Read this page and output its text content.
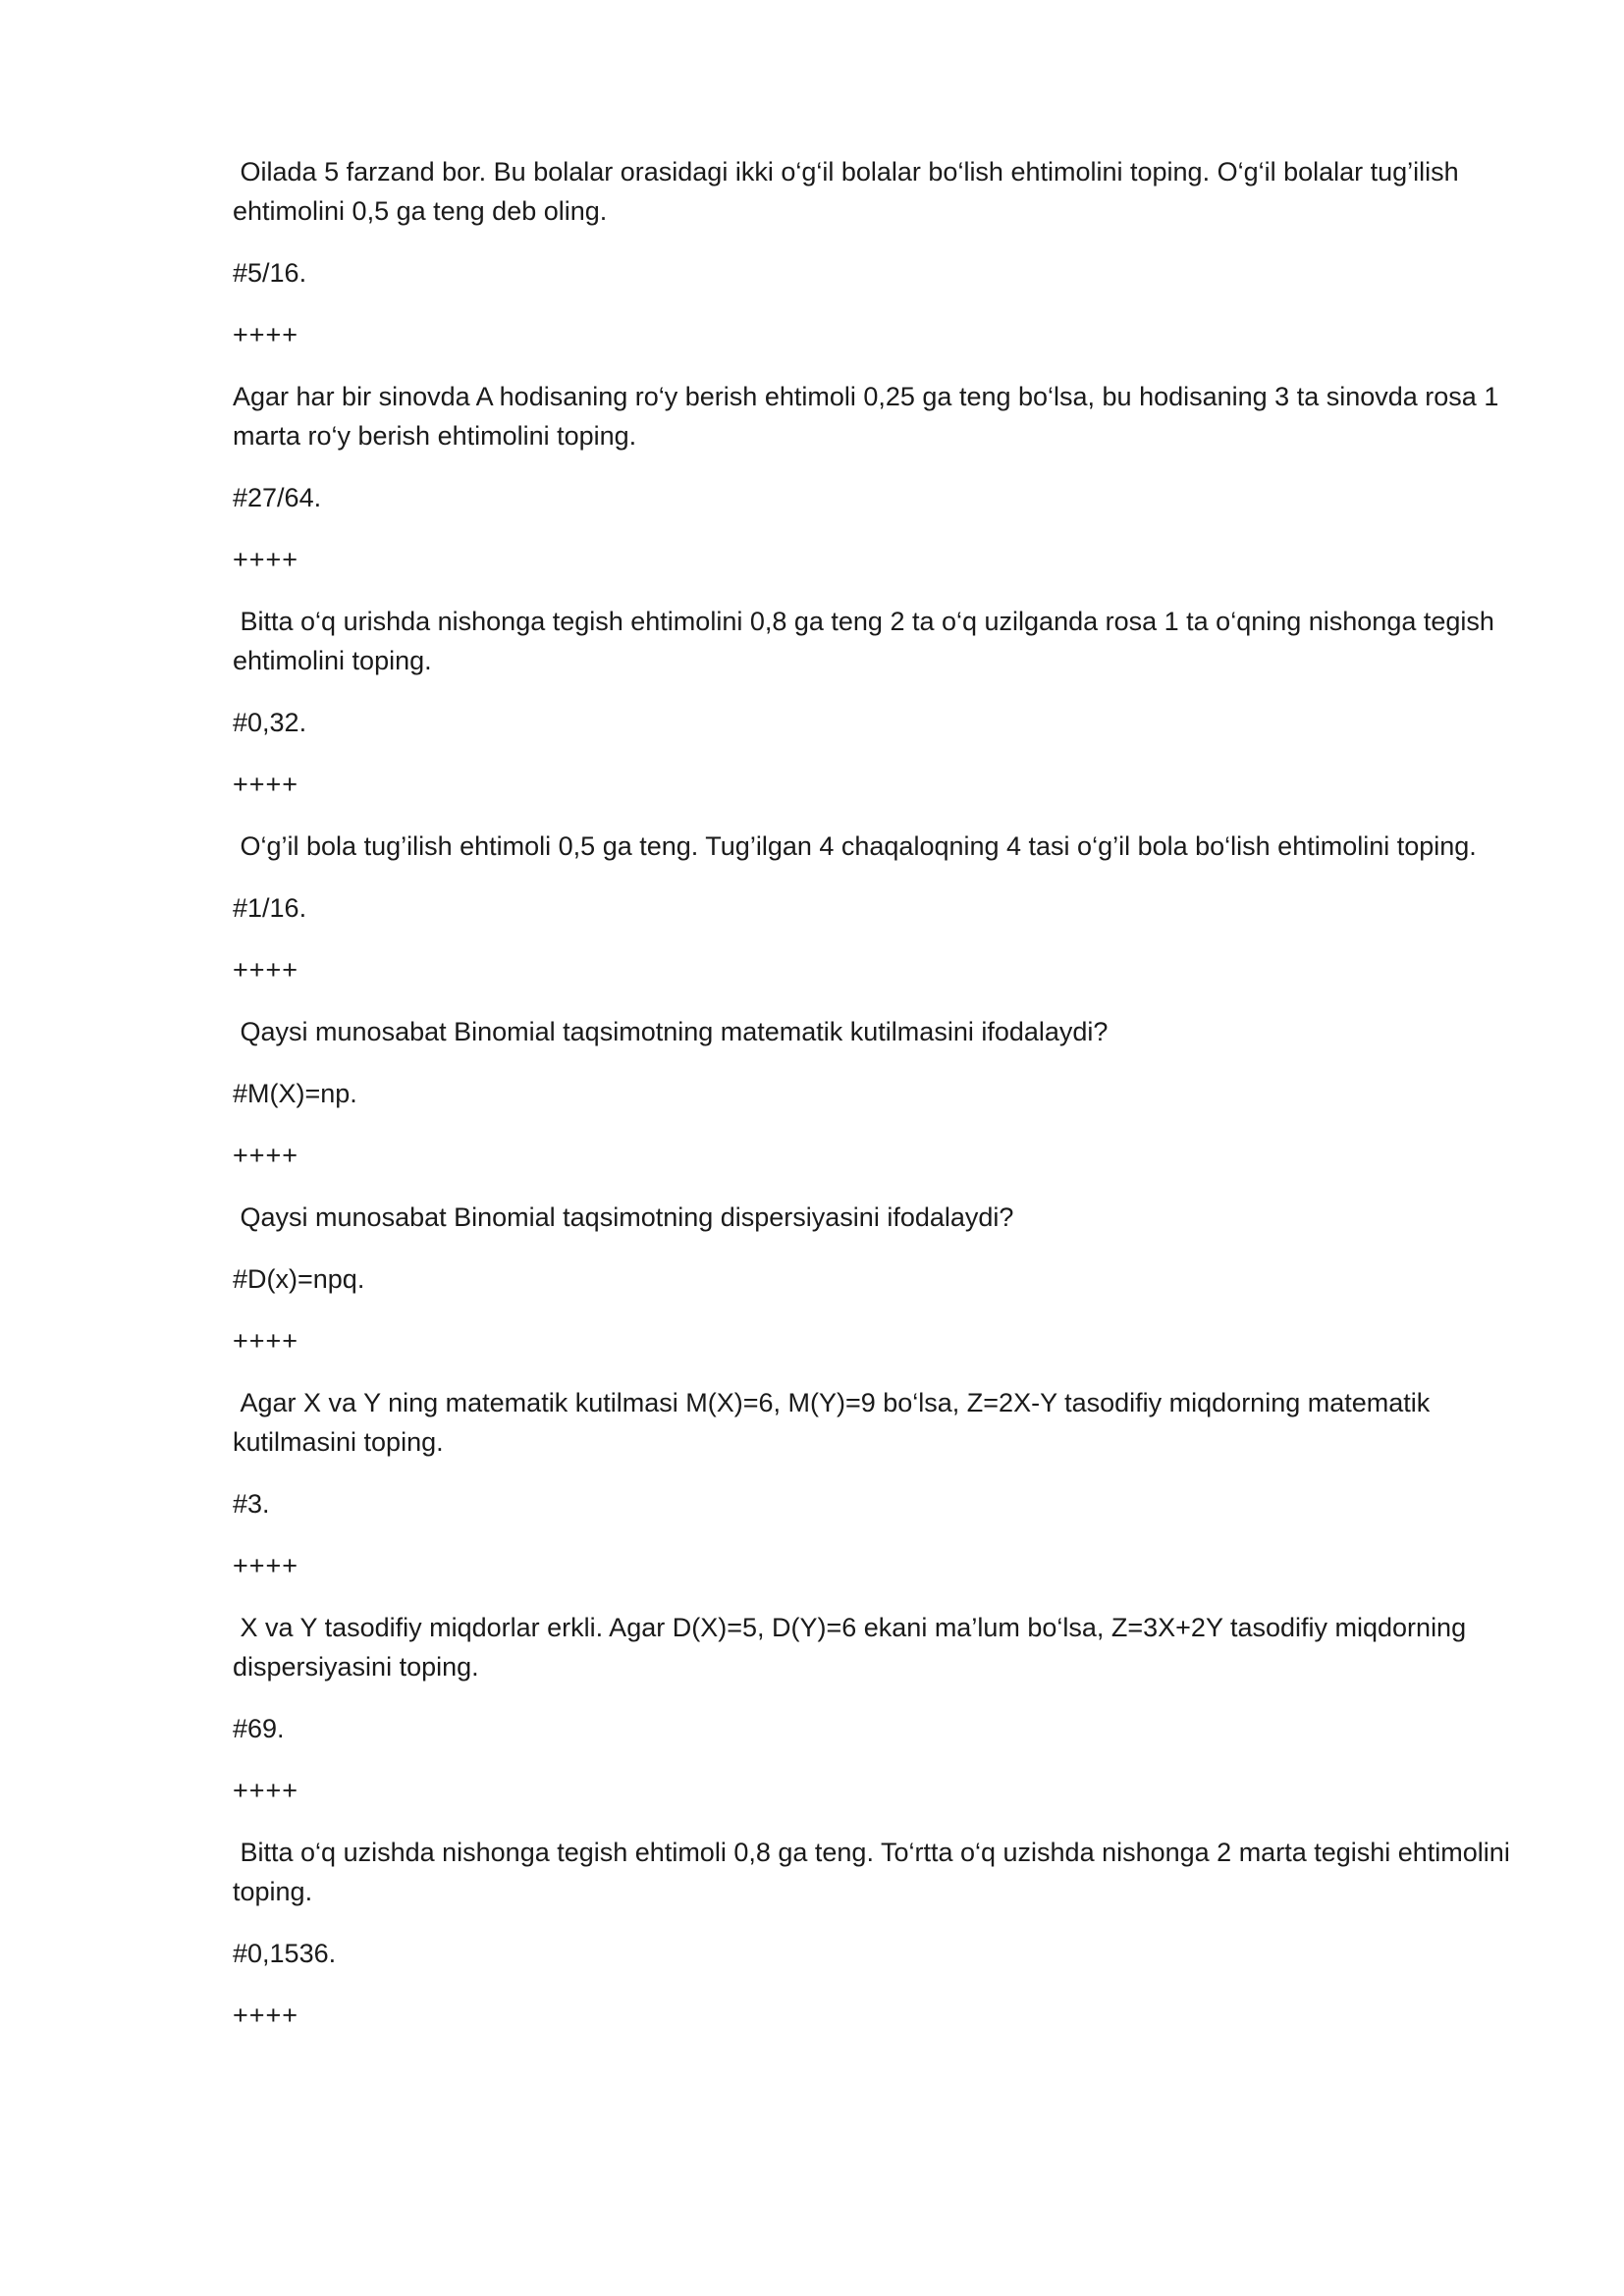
Oilada 5 farzand bor. Bu bolalar orasidagi ikki o‘g‘il bolalar bo‘lish ehtimolini toping. O‘g‘il bolalar tug’ilish ehtimolini 0,5 ga teng deb oling.
#5/16.
++++
Agar har bir sinovda A hodisaning ro‘y berish ehtimoli 0,25 ga teng bo‘lsa, bu hodisaning 3 ta sinovda rosa 1 marta ro‘y berish ehtimolini toping.
#27/64.
++++
Bitta o‘q urishda nishonga tegish ehtimolini 0,8 ga teng 2 ta o‘q uzilganda rosa 1 ta o‘qning nishonga tegish ehtimolini toping.
#0,32.
++++
O‘g’il bola tug’ilish ehtimoli 0,5 ga teng. Tug’ilgan 4 chaqaloqning 4 tasi o‘g’il bola bo‘lish ehtimolini toping.
#1/16.
++++
Qaysi munosabat Binomial taqsimotning matematik kutilmasini ifodalaydi?
#M(X)=np.
++++
Qaysi munosabat Binomial taqsimotning dispersiyasini ifodalaydi?
#D(x)=npq.
++++
Agar X va Y ning matematik kutilmasi M(X)=6, M(Y)=9 bo‘lsa, Z=2X-Y tasodifiy miqdorning matematik kutilmasini toping.
#3.
++++
X va Y tasodifiy miqdorlar erkli. Agar D(X)=5, D(Y)=6 ekani ma’lum bo‘lsa, Z=3X+2Y tasodifiy miqdorning dispersiyasini toping.
#69.
++++
Bitta o‘q uzishda nishonga tegish ehtimoli 0,8 ga teng. To‘rtta o‘q uzishda nishonga 2 marta tegishi ehtimolini toping.
#0,1536.
++++
